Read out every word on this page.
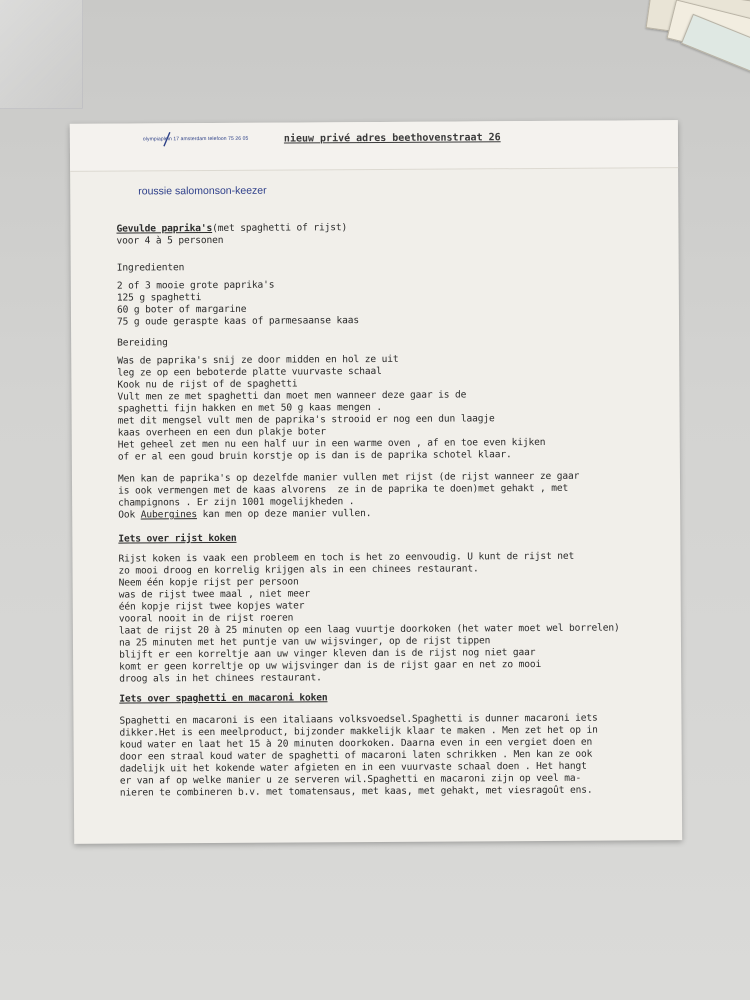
olympiaplein 17 amsterdam telefoon 75 26 05	nieuw privé adres beethovenstraat 26
roussie salomonson-keezer
Gevulde paprika's(met spaghetti of rijst)
voor 4 à 5 personen
Ingredienten
2 of 3 mooie grote paprika's
125 g spaghetti
60 g boter of margarine
75 g oude geraspte kaas of parmesaanse kaas
Bereiding
Was de paprika's snij ze door midden en hol ze uit
leg ze op een beboterde platte vuurvaste schaal
Kook nu de rijst of de spaghetti
Vult men ze met spaghetti dan moet men wanneer deze gaar is de
spaghetti fijn hakken en met 50 g kaas mengen .
met dit mengsel vult men de paprika's strooid er nog een dun laagje
kaas overheen en een dun plakje boter
Het geheel zet men nu een half uur in een warme oven , af en toe even kijken
of er al een goud bruin korstje op is dan is de paprika schotel klaar.
Men kan de paprika's op dezelfde manier vullen met rijst (de rijst wanneer ze gaar
is ook vermengen met de kaas alvorens  ze in de paprika te doen)met gehakt , met
champignons . Er zijn 1001 mogelijkheden .
Ook Aubergines kan men op deze manier vullen.
Iets over rijst koken
Rijst koken is vaak een probleem en toch is het zo eenvoudig. U kunt de rijst net
zo mooi droog en korrelig krijgen als in een chinees restaurant.
Neem één kopje rijst per persoon
was de rijst twee maal , niet meer
één kopje rijst twee kopjes water
vooral nooit in de rijst roeren
laat de rijst 20 à 25 minuten op een laag vuurtje doorkoken (het water moet wel borrelen)
na 25 minuten met het puntje van uw wijsvinger, op de rijst tippen
blijft er een korreltje aan uw vinger kleven dan is de rijst nog niet gaar
komt er geen korreltje op uw wijsvinger dan is de rijst gaar en net zo mooi
droog als in het chinees restaurant.
Iets over spaghetti en macaroni koken
Spaghetti en macaroni is een italiaans volksvoedsel.Spaghetti is dunner macaroni iets
dikker.Het is een meelproduct, bijzonder makkelijk klaar te maken . Men zet het op in
koud water en laat het 15 à 20 minuten doorkoken. Daarna even in een vergiet doen en
door een straal koud water de spaghetti of macaroni laten schrikken . Men kan ze ook
dadelijk uit het kokende water afgieten en in een vuurvaste schaal doen . Het hangt
er van af op welke manier u ze serveren wil.Spaghetti en macaroni zijn op veel ma-
nieren te combineren b.v. met tomatensaus, met kaas, met gehakt, met viesragoût ens.
